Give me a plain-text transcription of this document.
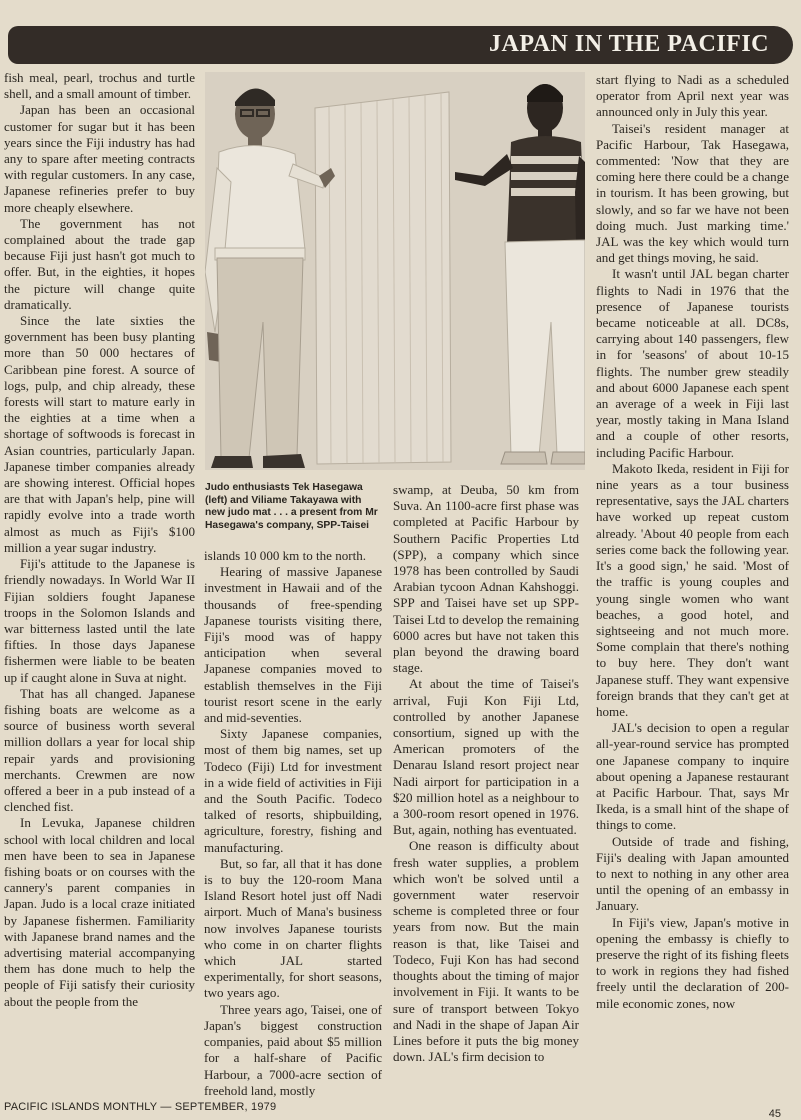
JAPAN IN THE PACIFIC

fish meal, pearl, trochus and turtle shell, and a small amount of timber.

Japan has been an occasional customer for sugar but it has been years since the Fiji industry has had any to spare after meeting contracts with regular customers. In any case, Japanese refineries prefer to buy more cheaply elsewhere.

The government has not complained about the trade gap because Fiji just hasn't got much to offer. But, in the eighties, it hopes the picture will change quite dramatically.

Since the late sixties the government has been busy planting more than 50 000 hectares of Caribbean pine forest. A source of logs, pulp, and chip already, these forests will start to mature early in the eighties at a time when a shortage of softwoods is forecast in Asian countries, particularly Japan. Japanese timber companies already are showing interest. Official hopes are that with Japan's help, pine will rapidly evolve into a trade worth almost as much as Fiji's $100 million a year sugar industry.

Fiji's attitude to the Japanese is friendly nowadays. In World War II Fijian soldiers fought Japanese troops in the Solomon Islands and war bitterness lasted until the late fifties. In those days Japanese fishermen were liable to be beaten up if caught alone in Suva at night.

That has all changed. Japanese fishing boats are welcome as a source of business worth several million dollars a year for local ship repair yards and provisioning merchants. Crewmen are now offered a beer in a pub instead of a clenched fist.

In Levuka, Japanese children school with local children and local men have been to sea in Japanese fishing boats or on courses with the cannery's parent companies in Japan. Judo is a local craze initiated by Japanese fishermen. Familiarity with Japanese brand names and the advertising material accompanying them has done much to help the people of Fiji satisfy their curiosity about the people from the

Judo enthusiasts Tek Hasegawa (left) and Viliame Takayawa with new judo mat . . . a present from Mr Hasegawa's company, SPP-Taisei

islands 10 000 km to the north.

Hearing of massive Japanese investment in Hawaii and of the thousands of free-spending Japanese tourists visiting there, Fiji's mood was of happy anticipation when several Japanese companies moved to establish themselves in the Fiji tourist resort scene in the early and mid-seventies.

Sixty Japanese companies, most of them big names, set up Todeco (Fiji) Ltd for investment in a wide field of activities in Fiji and the South Pacific. Todeco talked of resorts, shipbuilding, agriculture, forestry, fishing and manufacturing.

But, so far, all that it has done is to buy the 120-room Mana Island Resort hotel just off Nadi airport. Much of Mana's business now involves Japanese tourists who come in on charter flights which JAL started experimentally, for short seasons, two years ago.

Three years ago, Taisei, one of Japan's biggest construction companies, paid about $5 million for a half-share of Pacific Harbour, a 7000-acre section of freehold land, mostly

swamp, at Deuba, 50 km from Suva. An 1100-acre first phase was completed at Pacific Harbour by Southern Pacific Properties Ltd (SPP), a company which since 1978 has been controlled by Saudi Arabian tycoon Adnan Kahshoggi. SPP and Taisei have set up SPP-Taisei Ltd to develop the remaining 6000 acres but have not taken this plan beyond the drawing board stage.

At about the time of Taisei's arrival, Fuji Kon Fiji Ltd, controlled by another Japanese consortium, signed up with the American promoters of the Denarau Island resort project near Nadi airport for participation in a $20 million hotel as a neighbour to a 300-room resort opened in 1976. But, again, nothing has eventuated.

One reason is difficulty about fresh water supplies, a problem which won't be solved until a government water reservoir scheme is completed three or four years from now. But the main reason is that, like Taisei and Todeco, Fuji Kon has had second thoughts about the timing of major involvement in Fiji. It wants to be sure of transport between Tokyo and Nadi in the shape of Japan Air Lines before it puts the big money down. JAL's firm decision to

start flying to Nadi as a scheduled operator from April next year was announced only in July this year.

Taisei's resident manager at Pacific Harbour, Tak Hasegawa, commented: 'Now that they are coming here there could be a change in tourism. It has been growing, but slowly, and so far we have not been doing much. Just marking time.' JAL was the key which would turn and get things moving, he said.

It wasn't until JAL began charter flights to Nadi in 1976 that the presence of Japanese tourists became noticeable at all. DC8s, carrying about 140 passengers, flew in for 'seasons' of about 10-15 flights. The number grew steadily and about 6000 Japanese each spent an average of a week in Fiji last year, mostly taking in Mana Island and a couple of other resorts, including Pacific Harbour.

Makoto Ikeda, resident in Fiji for nine years as a tour business representative, says the JAL charters have worked up repeat custom already. 'About 40 people from each series come back the following year. It's a good sign,' he said. 'Most of the traffic is young couples and young single women who want beaches, a good hotel, and sightseeing and not much more. Some complain that there's nothing to buy here. They don't want Japanese stuff. They want expensive foreign brands that they can't get at home.

JAL's decision to open a regular all-year-round service has prompted one Japanese company to inquire about opening a Japanese restaurant at Pacific Harbour. That, says Mr Ikeda, is a small hint of the shape of things to come.

Outside of trade and fishing, Fiji's dealing with Japan amounted to next to nothing in any other area until the opening of an embassy in January.

In Fiji's view, Japan's motive in opening the embassy is chiefly to preserve the right of its fishing fleets to work in regions they had fished freely until the declaration of 200-mile economic zones, now

PACIFIC ISLANDS MONTHLY — SEPTEMBER, 1979
45
